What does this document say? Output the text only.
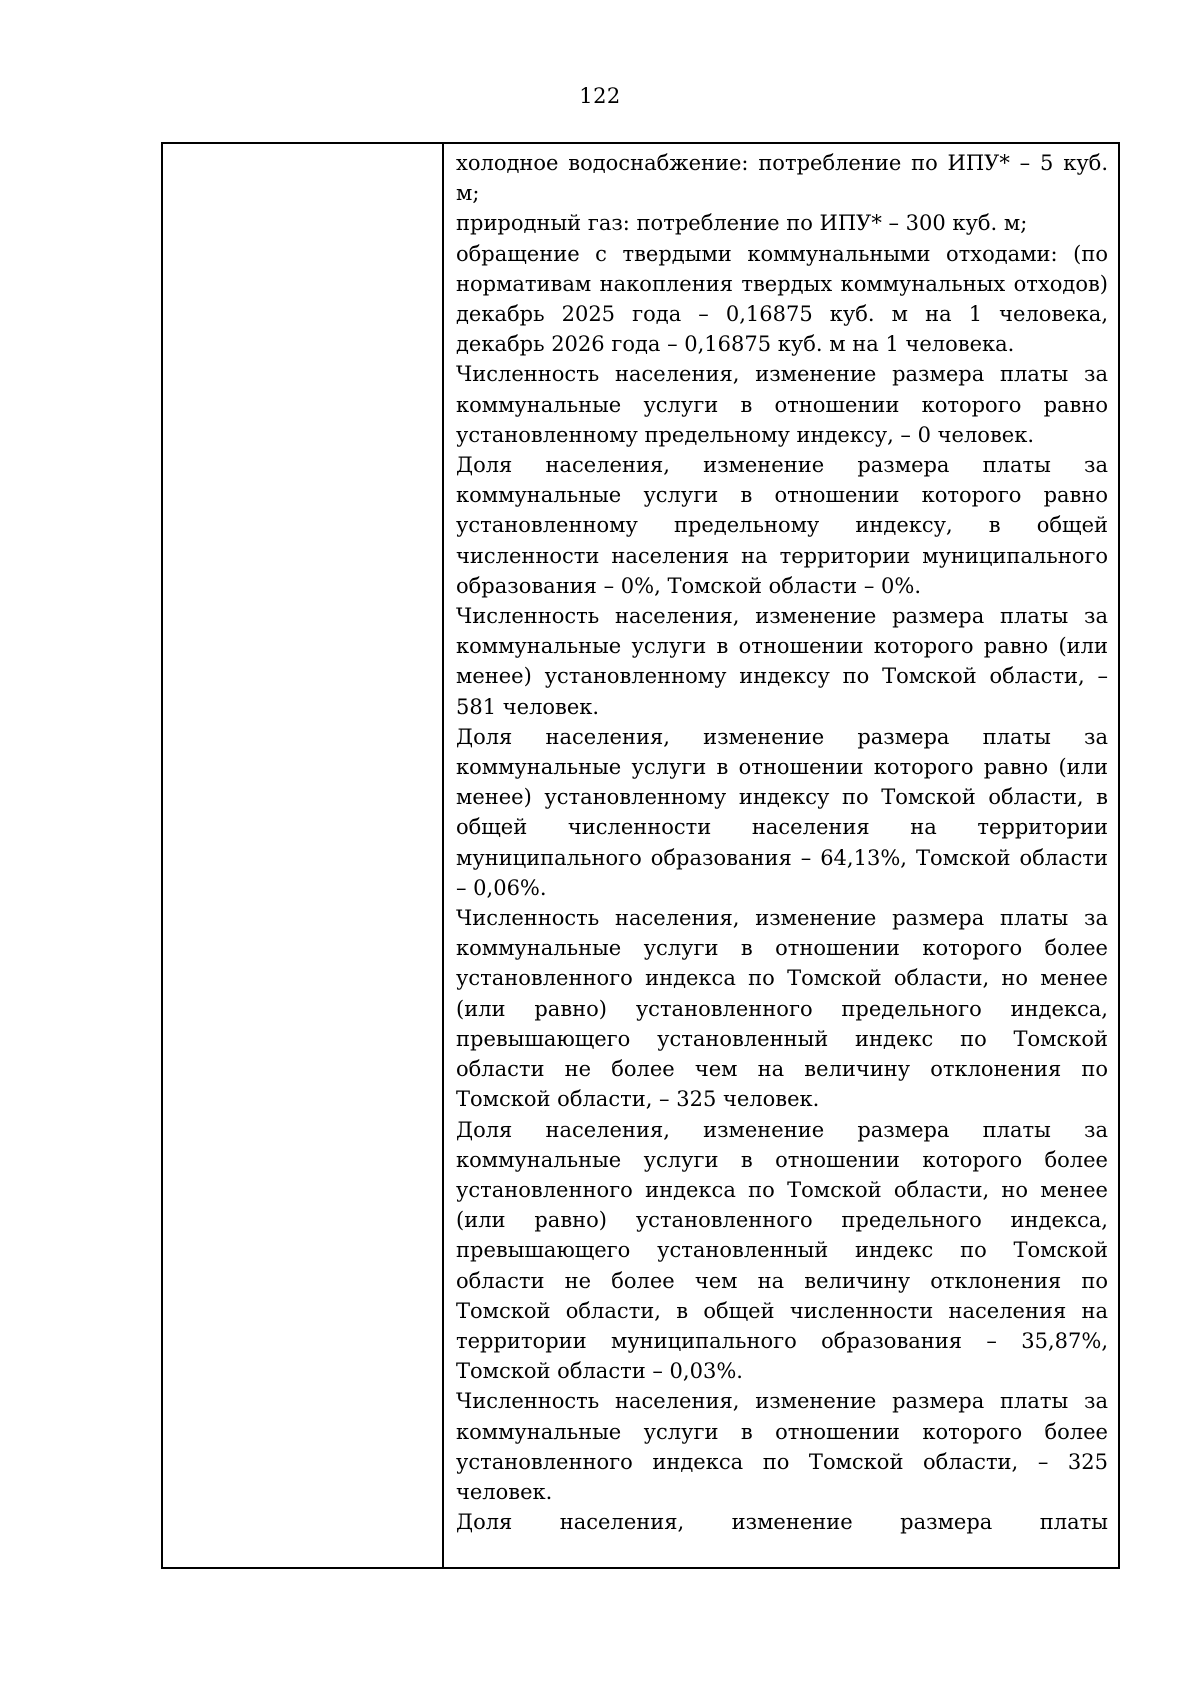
122

холодное водоснабжение: потребление по ИПУ* – 5 куб. м;

природный газ: потребление по ИПУ* – 300 куб. м;

обращение с твердыми коммунальными отходами: (по нормативам накопления твердых коммунальных отходов) декабрь 2025 года – 0,16875 куб. м на 1 человека, декабрь 2026 года – 0,16875 куб. м на 1 человека.

Численность населения, изменение размера платы за коммунальные услуги в отношении которого равно установленному предельному индексу, – 0 человек.

Доля населения, изменение размера платы за коммунальные услуги в отношении которого равно установленному предельному индексу, в общей численности населения на территории муниципального образования – 0%, Томской области – 0%.

Численность населения, изменение размера платы за коммунальные услуги в отношении которого равно (или менее) установленному индексу по Томской области, – 581 человек.

Доля населения, изменение размера платы за коммунальные услуги в отношении которого равно (или менее) установленному индексу по Томской области, в общей численности населения на территории муниципального образования – 64,13%, Томской области – 0,06%.

Численность населения, изменение размера платы за коммунальные услуги в отношении которого более установленного индекса по Томской области, но менее (или равно) установленного предельного индекса, превышающего установленный индекс по Томской области не более чем на величину отклонения по Томской области, – 325 человек.

Доля населения, изменение размера платы за коммунальные услуги в отношении которого более установленного индекса по Томской области, но менее (или равно) установленного предельного индекса, превышающего установленный индекс по Томской области не более чем на величину отклонения по Томской области, в общей численности населения на территории муниципального образования – 35,87%, Томской области – 0,03%.

Численность населения, изменение размера платы за коммунальные услуги в отношении которого более установленного индекса по Томской области, – 325 человек.

Доля населения, изменение размера платы
